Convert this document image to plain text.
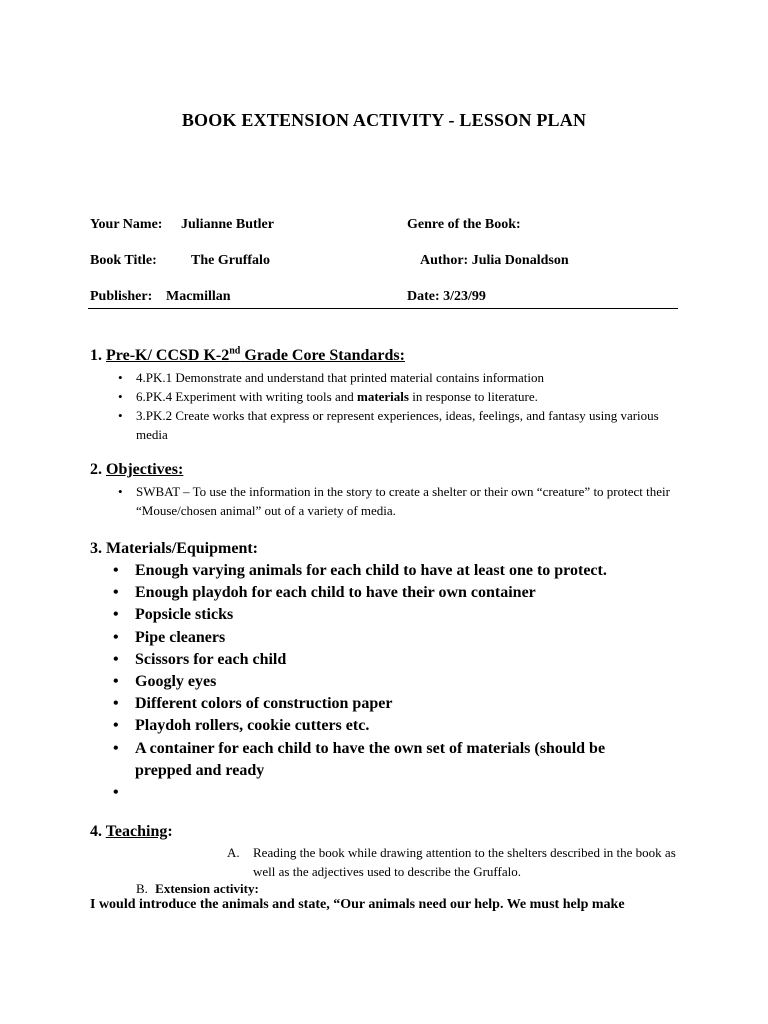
BOOK EXTENSION ACTIVITY - LESSON PLAN
Your Name: Julianne Butler	Genre of the Book:
Book Title: The Gruffalo	Author: Julia Donaldson
Publisher: Macmillan	Date: 3/23/99
1. Pre-K/ CCSD K-2nd Grade Core Standards:
• 4.PK.1 Demonstrate and understand that printed material contains information
• 6.PK.4 Experiment with writing tools and materials in response to literature.
• 3.PK.2 Create works that express or represent experiences, ideas, feelings, and fantasy using various media
2. Objectives:
• SWBAT – To use the information in the story to create a shelter or their own “creature” to protect their “Mouse/chosen animal” out of a variety of media.
3. Materials/Equipment:
• Enough varying animals for each child to have at least one to protect.
• Enough playdoh for each child to have their own container
• Popsicle sticks
• Pipe cleaners
• Scissors for each child
• Googly eyes
• Different colors of construction paper
• Playdoh rollers, cookie cutters etc.
• A container for each child to have the own set of materials (should be prepped and ready
•
4. Teaching:
A.	Reading the book while drawing attention to the shelters described in the book as well as the adjectives used to describe the Gruffalo.
B. Extension activity:
I would introduce the animals and state, “Our animals need our help. We must help make
